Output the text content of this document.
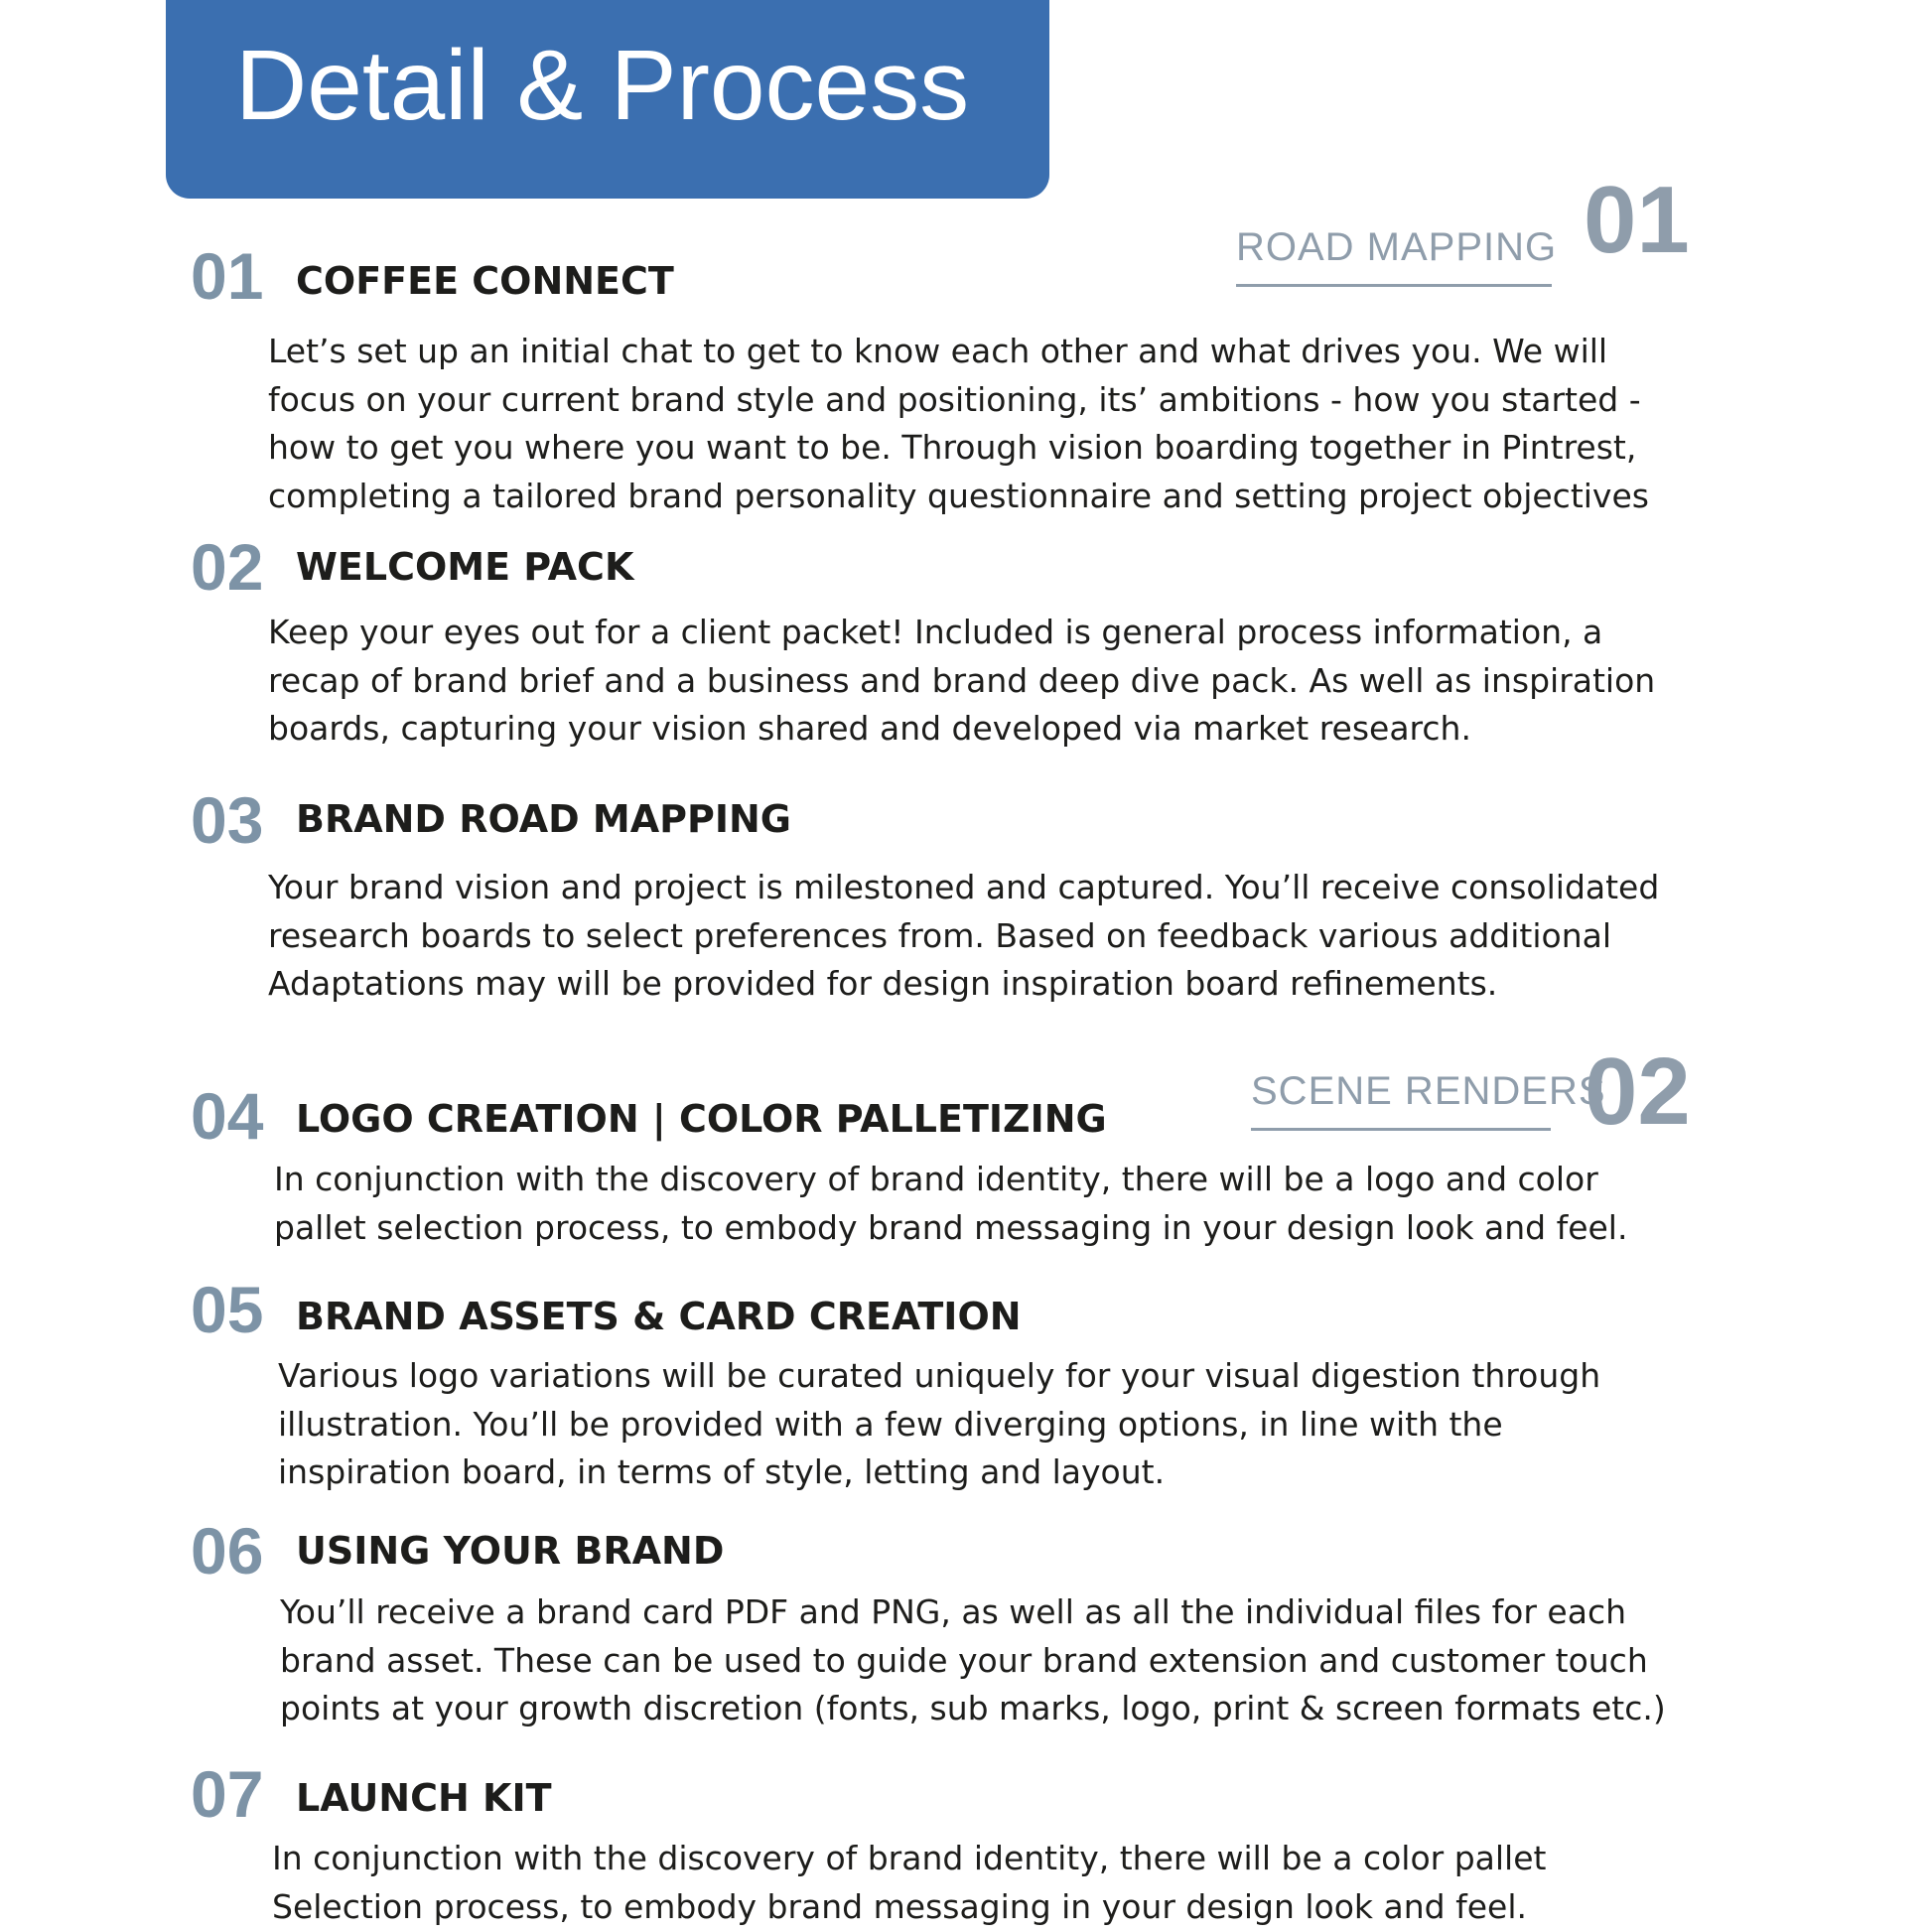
Detail & Process
ROAD MAPPING 01
SCENE RENDERS
02
01 COFFEE CONNECT
Let’s set up an initial chat to get to know each other and what drives you. We will
focus on your current brand style and positioning, its’ ambitions - how you started -
how to get you where you want to be. Through vision boarding together in Pintrest,
completing a tailored brand personality questionnaire and setting project objectives
02 WELCOME PACK
Keep your eyes out for a client packet! Included is general process information, a
recap of brand brief and a business and brand deep dive pack. As well as inspiration
boards, capturing your vision shared and developed via market research.
03 BRAND ROAD MAPPING
Your brand vision and project is milestoned and captured. You’ll receive consolidated
research boards to select preferences from. Based on feedback various additional
Adaptations may will be provided for design inspiration board refinements.
04 LOGO CREATION | COLOR PALLETIZING
In conjunction with the discovery of brand identity, there will be a logo and color
pallet selection process, to embody brand messaging in your design look and feel.
05 BRAND ASSETS & CARD CREATION
Various logo variations will be curated uniquely for your visual digestion through
illustration. You’ll be provided with a few diverging options, in line with the
inspiration board, in terms of style, letting and layout.
06 USING YOUR BRAND
You’ll receive a brand card PDF and PNG, as well as all the individual files for each
brand asset. These can be used to guide your brand extension and customer touch
points at your growth discretion (fonts, sub marks, logo, print & screen formats etc.)
07 LAUNCH KIT
In conjunction with the discovery of brand identity, there will be a color pallet
Selection process, to embody brand messaging in your design look and feel.
